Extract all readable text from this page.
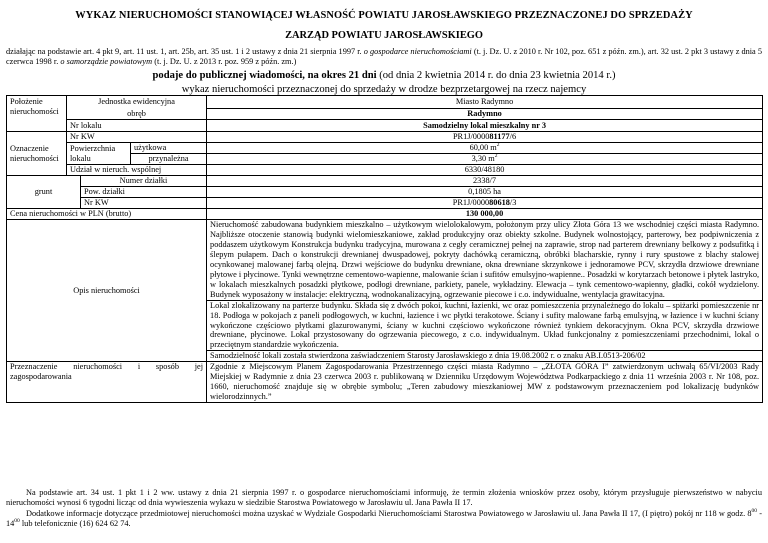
WYKAZ NIERUCHOMOŚCI STANOWIĄCEJ WŁASNOŚĆ POWIATU JAROSŁAWSKIEGO PRZEZNACZONEJ DO SPRZEDAŻY
ZARZĄD POWIATU JAROSŁAWSKIEGO
działając na podstawie art. 4 pkt 9, art. 11 ust. 1, art. 25b, art. 35 ust. 1 i 2 ustawy z dnia 21 sierpnia 1997 r. o gospodarce nieruchomościami (t. j. Dz. U. z 2010 r. Nr 102, poz. 651 z późn. zm.), art. 32 ust. 2 pkt 3 ustawy z dnia 5 czerwca 1998 r. o samorządzie powiatowym (t. j. Dz. U. z 2013 r. poz. 959 z późn. zm.)
podaje do publicznej wiadomości, na okres 21 dni (od dnia 2 kwietnia 2014 r. do dnia 23 kwietnia 2014 r.)
wykaz nieruchomości przeznaczonej do sprzedaży w drodze bezprzetargowej na rzecz najemcy
Położenie nieruchomości	Jednostka ewidencyjna			Miasto Radymno
	obręb			Radymno
	Nr lokalu			Samodzielny lokal mieszkalny nr 3
Oznaczenie nieruchomości	Nr KW			PR1J/000081177/6
	Powierzchnia lokalu		użytkowa	60,00 $m^2$
			przynależna	3,30 $m^2$
	Udział w nieruch. wspólnej			6330/48180
grunt		Numer działki		2338/7
		Pow. działki		0,1805 ha
		Nr KW		PR1J/000080618/3
Cena nieruchomości w PLN (brutto)				130 000,00
Opis nieruchomości				Nieruchomość zabudowana budynkiem mieszkalno – użytkowym wielolokalowym, położonym przy ulicy Złota Góra 13 we wschodniej części miasta Radymno. Najbliższe otoczenie stanowią budynki wielomieszkaniowe, zakład produkcyjny oraz obiekty szkolne. Budynek wolnostojący, parterowy, bez podpiwniczenia z poddaszem użytkowym Konstrukcja budynku tradycyjna, murowana z cegły ceramicznej pełnej na zaprawie, strop nad parterem drewniany belkowy z podsufitką i ślepym pułapem. Dach o konstrukcji drewnianej dwuspadowej, pokryty dachówką ceramiczną, obróbki blacharskie, rynny i rury spustowe z blachy stalowej ocynkowanej malowanej farbą olejną. Drzwi wejściowe do budynku drewniane, okna drewniane skrzynkowe i jednoramowe PCV, skrzydła drzwiowe drewniane płytowe i płycinowe. Tynki wewnętrzne cementowo-wapienne, malowanie ścian i sufitów emulsyjno-wapienne.. Posadzki w korytarzach betonowe i płytek lastryko, w lokalach mieszkalnych posadzki płytkowe, podłogi drewniane, parkiety, panele, wykładziny. Elewacja – tynk cementowo-wapienny, gładki, cokół wydzielony. Budynek wyposażony w instalacje: elektryczną, wodnokanalizacyjną, ogrzewanie piecowe i c.o. indywidualne, wentylacja grawitacyjna.
				Lokal zlokalizowany na parterze budynku. Składa się z dwóch pokoi, kuchni, łazienki, wc oraz pomieszczenia przynależnego do lokalu – spiżarki pomieszczenie nr 18. Podłoga w pokojach z paneli podłogowych, w kuchni, łazience i wc płytki terakotowe. Ściany i sufity malowane farbą emulsyjną, w łazience i w kuchni ściany wykończone częściowo płytkami glazurowanymi, ściany w kuchni częściowo wykończone również tynkiem dekoracyjnym. Okna PCV, skrzydła drzwiowe drewniane, płycinowe. Lokal przystosowany do ogrzewania piecowego, z c.o. indywidualnym. Układ funkcjonalny z pomieszczeniami przechodnimi, lokal o przeciętnym standardzie wykończenia.
				Samodzielność lokali została stwierdzona zaświadczeniem Starosty Jarosławskiego z dnia 19.08.2002 r. o znaku AB.I.0513-206/02
Przeznaczenie nieruchomości i sposób jej zagospodarowania				Zgodnie z Miejscowym Planem Zagospodarowania Przestrzennego części miasta Radymno – „ZŁOTA GÓRA I” zatwierdzonym uchwałą 65/VI/2003 Rady Miejskiej w Radymnie z dnia 23 czerwca 2003 r. publikowaną w Dzienniku Urzędowym Województwa Podkarpackiego z dnia 11 września 2003 r. Nr 108, poz. 1660, nieruchomość znajduje się w obrębie symbolu; „Teren zabudowy mieszkaniowej MW z podstawowym przeznaczeniem pod lokalizację budynków wielorodzinnych.”

Na podstawie art. 34 ust. 1 pkt 1 i 2 ww. ustawy z dnia 21 sierpnia 1997 r. o gospodarce nieruchomościami informuję, że termin złożenia wniosków przez osoby, którym przysługuje pierwszeństwo w nabyciu nieruchomości wynosi 6 tygodni licząc od dnia wywieszenia wykazu w siedzibie Starostwa Powiatowego w Jarosławiu ul. Jana Pawła II 17.

Dodatkowe informacje dotyczące przedmiotowej nieruchomości można uzyskać w Wydziale Gospodarki Nieruchomościami Starostwa Powiatowego w Jarosławiu ul. Jana Pawła II 17, (I piętro) pokój nr 118 w godz. $8^{00} - 14^{00}$ lub telefonicznie (16) 624 62 74.
